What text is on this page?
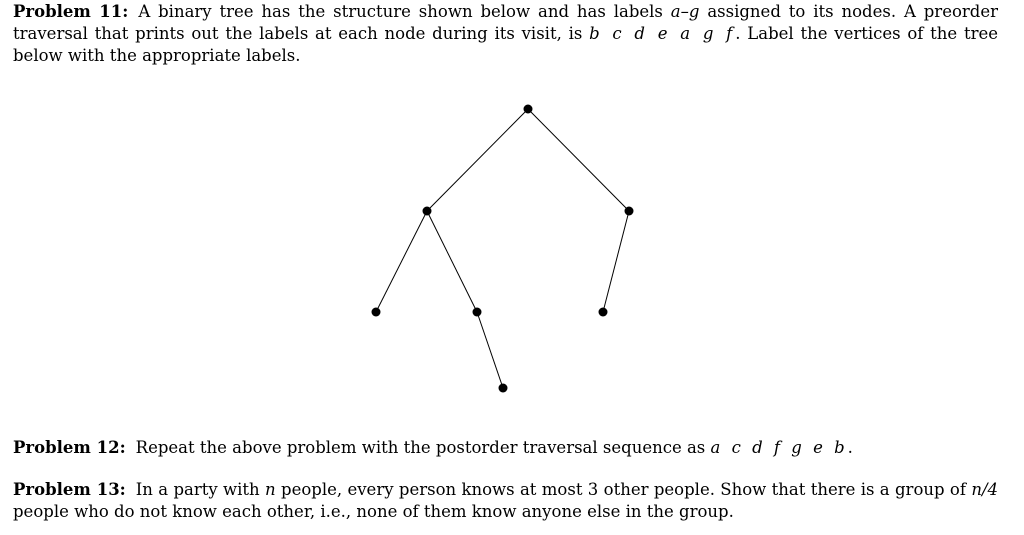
Problem 11: A binary tree has the structure shown below and has labels a–g assigned to its nodes. A preorder traversal that prints out the labels at each node during its visit, is b c d e a g f. Label the vertices of the tree below with the appropriate labels.
Problem 12: Repeat the above problem with the postorder traversal sequence as a c d f g e b.
Problem 13: In a party with n people, every person knows at most 3 other people. Show that there is a group of n/4 people who do not know each other, i.e., none of them know anyone else in the group.
